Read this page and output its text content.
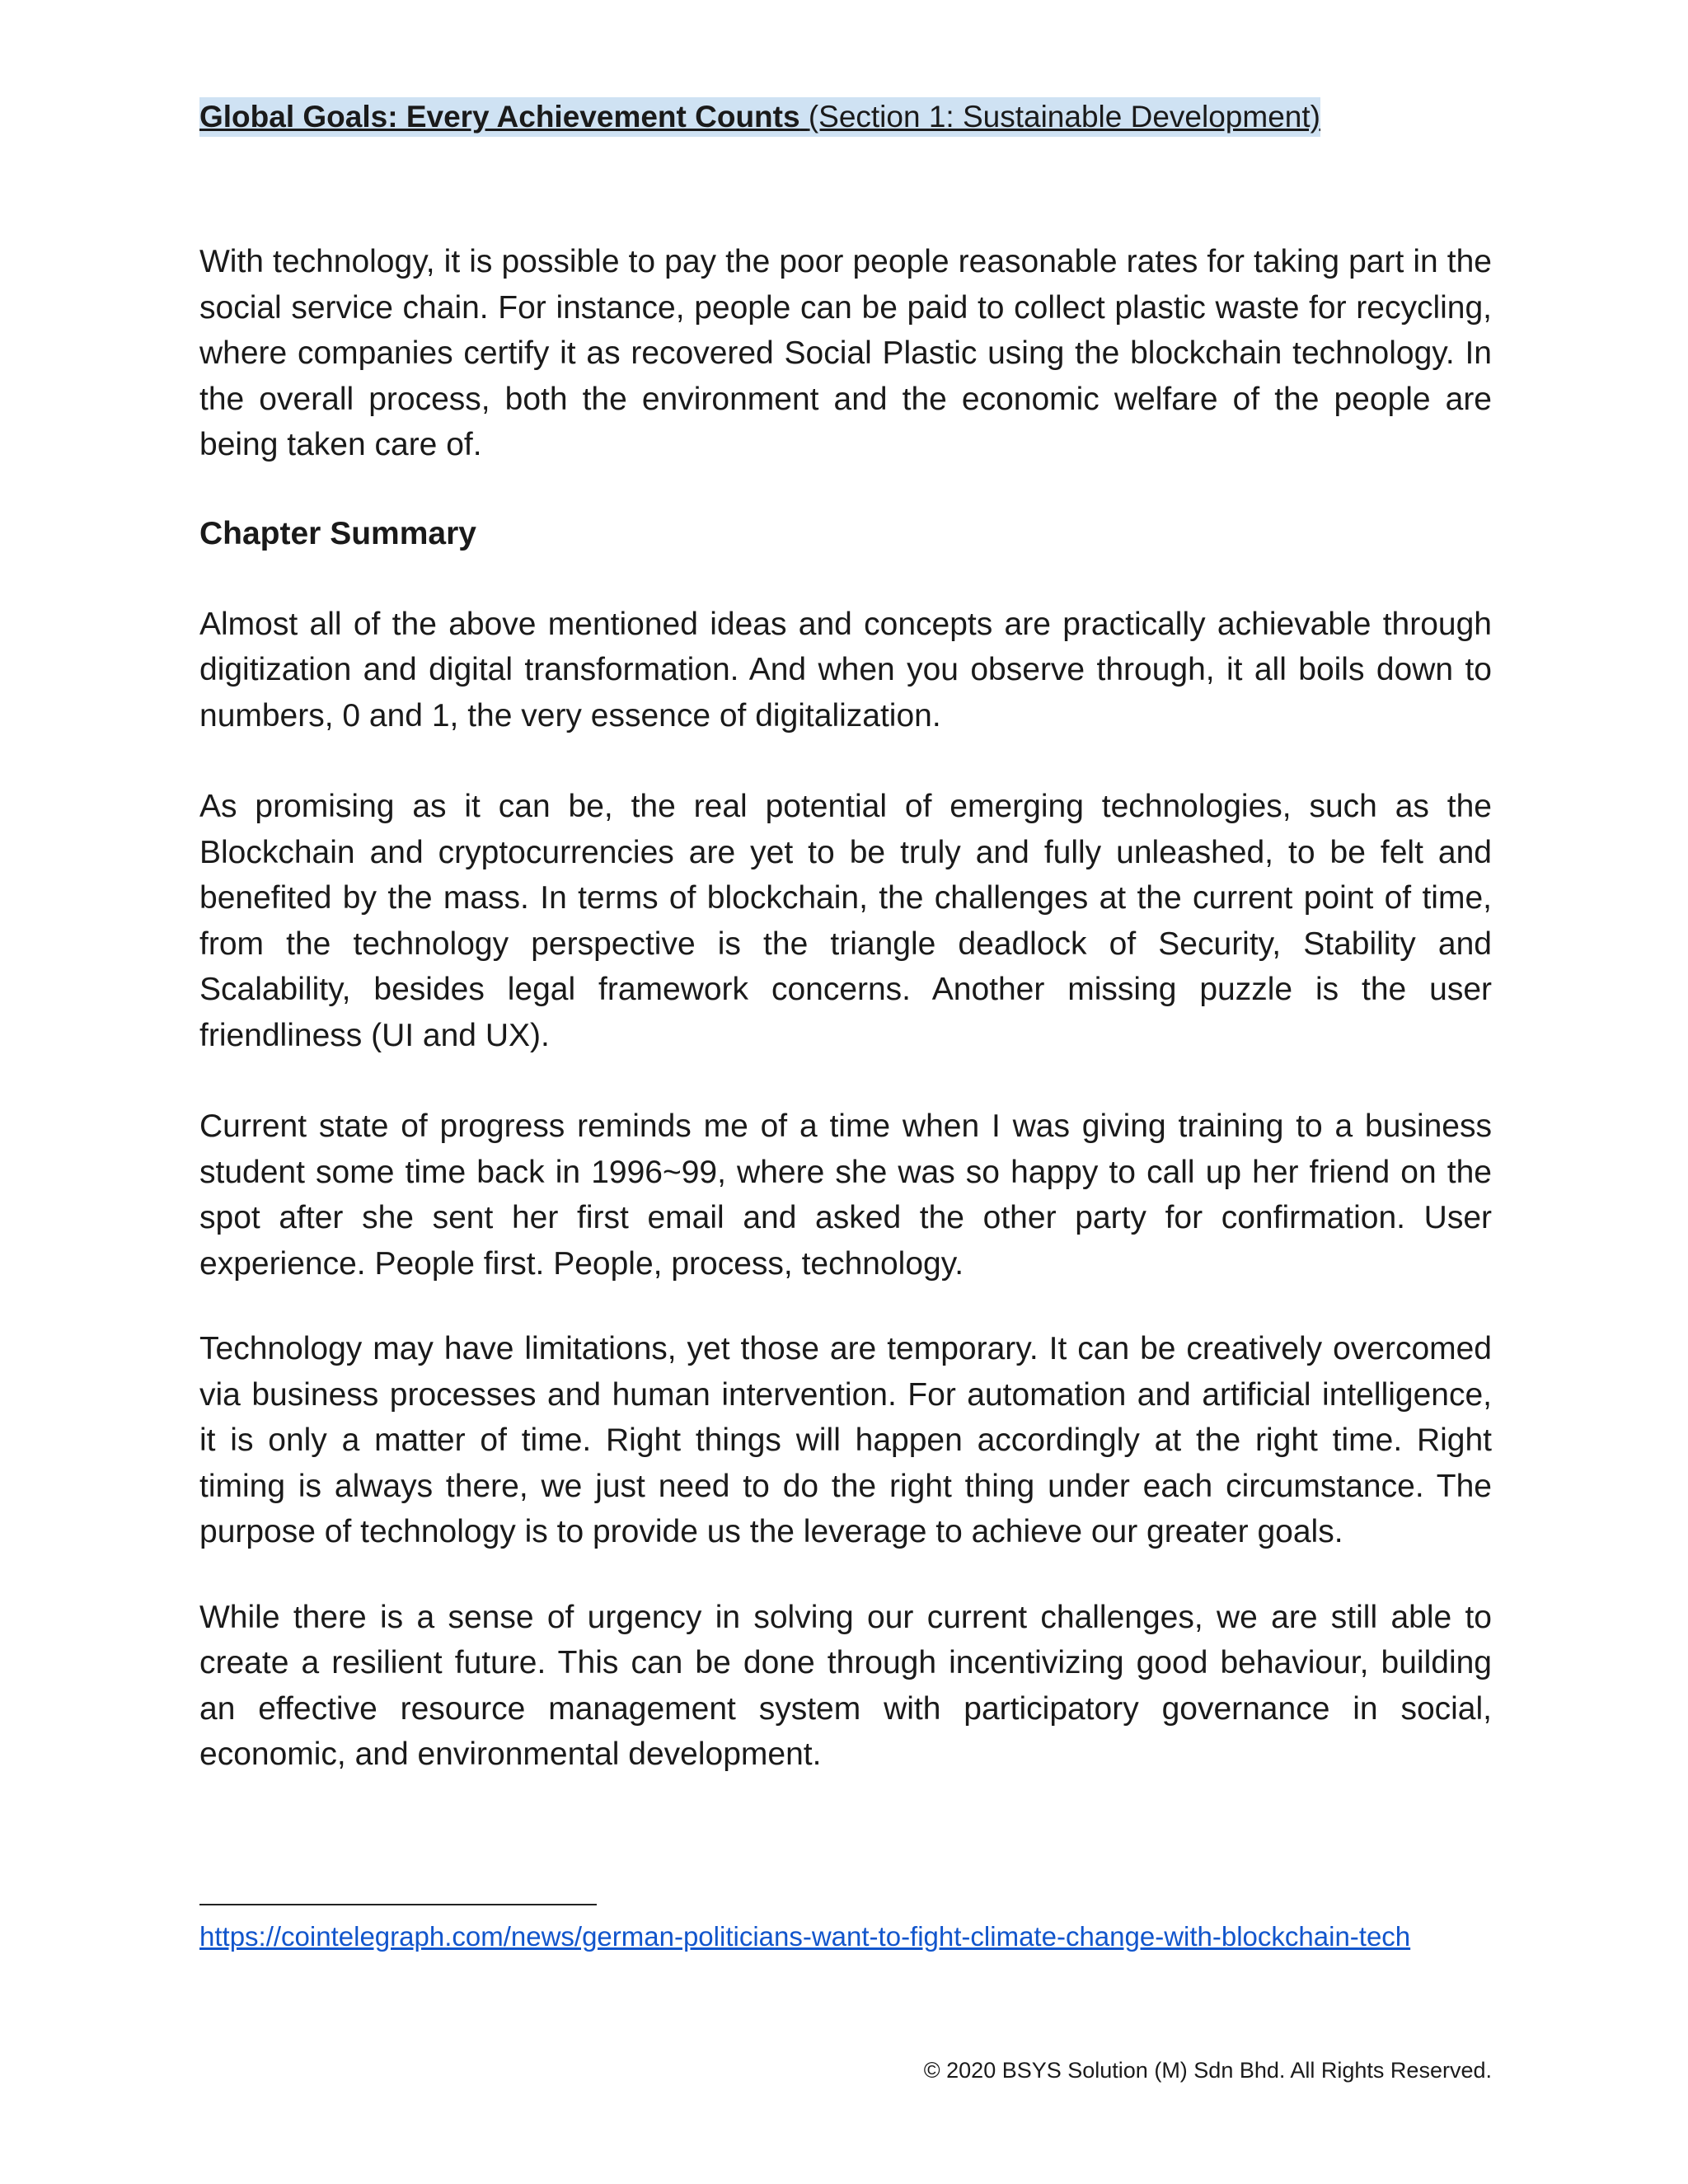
Global Goals: Every Achievement Counts (Section 1: Sustainable Development)

With technology, it is possible to pay the poor people reasonable rates for taking part in the social service chain. For instance, people can be paid to collect plastic waste for recycling, where companies certify it as recovered Social Plastic using the blockchain technology. In the overall process, both the environment and the economic welfare of the people are being taken care of.

Chapter Summary

Almost all of the above mentioned ideas and concepts are practically achievable through digitization and digital transformation. And when you observe through, it all boils down to numbers, 0 and 1, the very essence of digitalization.

As promising as it can be, the real potential of emerging technologies, such as the Blockchain and cryptocurrencies are yet to be truly and fully unleashed, to be felt and benefited by the mass. In terms of blockchain, the challenges at the current point of time, from the technology perspective is the triangle deadlock of Security, Stability and Scalability, besides legal framework concerns. Another missing puzzle is the user friendliness (UI and UX).

Current state of progress reminds me of a time when I was giving training to a business student some time back in 1996~99, where she was so happy to call up her friend on the spot after she sent her first email and asked the other party for confirmation. User experience. People first. People, process, technology.

Technology may have limitations, yet those are temporary. It can be creatively overcomed via business processes and human intervention. For automation and artificial intelligence, it is only a matter of time. Right things will happen accordingly at the right time. Right timing is always there, we just need to do the right thing under each circumstance. The purpose of technology is to provide us the leverage to achieve our greater goals.

While there is a sense of urgency in solving our current challenges, we are still able to create a resilient future. This can be done through incentivizing good behaviour, building an effective resource management system with participatory governance in social, economic, and environmental development.

https://cointelegraph.com/news/german-politicians-want-to-fight-climate-change-with-blockchain-tech
© 2020 BSYS Solution (M) Sdn Bhd. All Rights Reserved.
